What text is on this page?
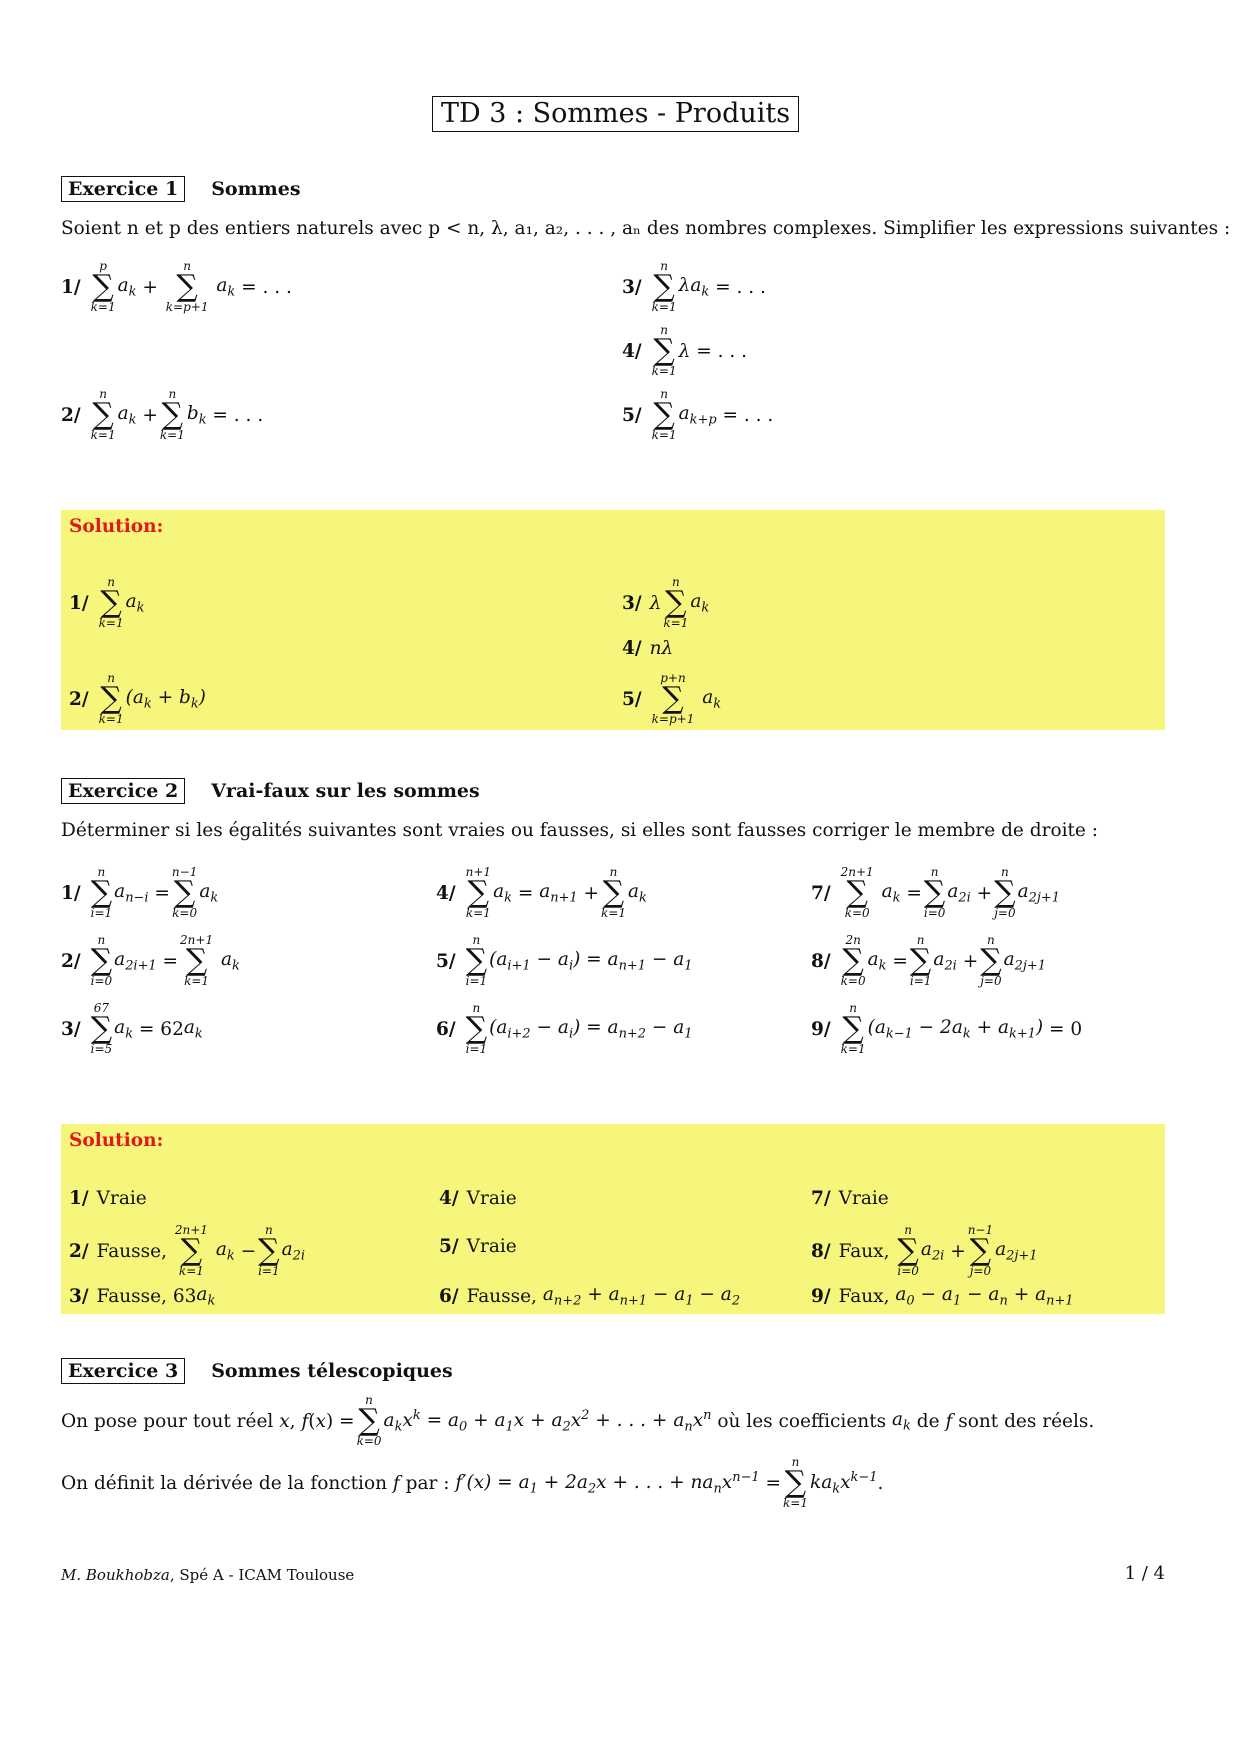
TD 3 : Sommes - Produits
Exercice 1	Sommes
Soient n et p des entiers naturels avec p < n, λ, a₁, a₂, . . . , aₙ des nombres complexes. Simplifier les expressions suivantes :
1/
p
∑
k=1
$a_k$ +
n
∑
k=p+1
$a_k$ = . . .
2/
n
∑
k=1
$a_k$ +
n
∑
k=1
$b_k$ = . . .
3/
n
∑
k=1
$\lambda a_k$ = . . .
4/
n
∑
k=1
λ = . . .
5/
n
∑
k=1
$a_{k+p}$ = . . .
Solution:
1/
n
∑
k=1
$a_k$
2/
n
∑
k=1
$(a_k + b_k)$
3/ λ
n
∑
k=1
$a_k$
4/ nλ
5/
p+n
∑
k=p+1
$a_k$
Exercice 2	Vrai-faux sur les sommes
Déterminer si les égalités suivantes sont vraies ou fausses, si elles sont fausses corriger le membre de droite :
1/
n
∑
i=1
$a_{n-i}$ =
n−1
∑
k=0
$a_k$
2/
n
∑
i=0
$a_{2i+1}$ =
2n+1
∑
k=1
$a_k$
3/
67
∑
i=5
$a_k = 62$ $a_k$
4/
n+1
∑
k=1
$a_k = a_{n+1}$ +
n
∑
k=1
$a_k$
5/
n
∑
i=1
$(a_{i+1} - a_i) = a_{n+1} - a_1$
6/
n
∑
i=1
$(a_{i+2} - a_i) = a_{n+2} - a_1$
7/
2n+1
∑
k=0
$a_k$ =
n
∑
i=0
$a_{2i}$ +
n
∑
j=0
$a_{2j+1}$
8/
2n
∑
k=0
$a_k$ =
n
∑
i=1
$a_{2i}$ +
n
∑
j=0
$a_{2j+1}$
9/
n
∑
k=1
$(a_{k-1} - 2a_k + a_{k+1}) = 0$
Solution:
1/ Vraie
2/ Fausse,

2n+1
∑
k=1
$a_k$ −
n
∑
i=1
$a_{2i}$
3/ Fausse, 63 $a_k$
4/ Vraie
5/ Vraie
6/ Fausse,
$a_{n+2} + a_{n+1} - a_1 - a_2$
7/ Vraie
8/ Faux,

n
∑
i=0
$a_{2i}$ +
n−1
∑
j=0
$a_{2j+1}$
9/ Faux,
$a_0 - a_1 - a_n + a_{n+1}$
Exercice 3	Sommes télescopiques
On pose pour tout réel
x , f ( x ) =
n
∑
k=0
$a_kx^k = a_0 + a_1x + a_2x^2$ + . . . + $a_nx^n$
où les coefficients
$a_k$
de
f
sont des réels.
On définit la dérivée de la fonction
f
par :
$f'(x) = a_1 + 2a_2x$ + . . . + $na_nx^{n-1}$ =
n
∑
k=1
$ka_kx^{k-1}$ .
M. Boukhobza, Spé A - ICAM Toulouse	1 / 4
